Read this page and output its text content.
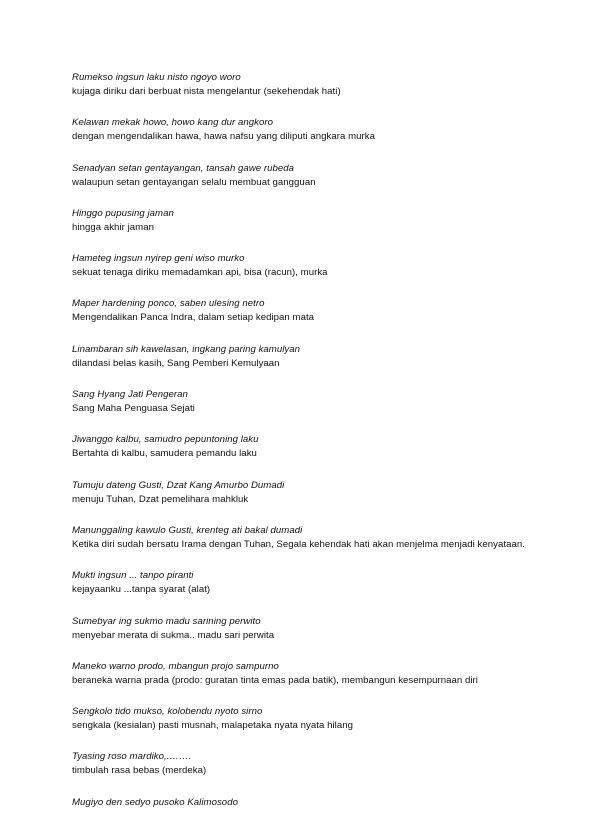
Rumekso ingsun laku nisto ngoyo woro
kujaga diriku dari berbuat nista mengelantur (sekehendak hati)
Kelawan mekak howo, howo kang dur angkoro
dengan mengendalikan hawa, hawa nafsu yang diliputi angkara murka
Senadyan setan gentayangan, tansah gawe rubeda
walaupun setan gentayangan selalu membuat gangguan
Hinggo pupusing jaman
hingga akhir jaman
Hameteg ingsun nyirep geni wiso murko
sekuat tenaga diriku memadamkan api, bisa (racun), murka
Maper hardening ponco, saben ulesing netro
Mengendalikan Panca Indra, dalam setiap kedipan mata
Linambaran sih kawelasan, ingkang paring kamulyan
dilandasi belas kasih, Sang Pemberi Kemulyaan
Sang Hyang Jati Pengeran
Sang Maha Penguasa Sejati
Jiwanggo kalbu, samudro pepuntoning laku
Bertahta di kalbu, samudera pemandu laku
Tumuju dateng Gusti, Dzat Kang Amurbo Dumadi
menuju Tuhan, Dzat pemelihara mahkluk
Manunggaling kawulo Gusti, krenteg ati bakal dumadi
Ketika diri sudah bersatu Irama dengan Tuhan, Segala kehendak hati akan menjelma menjadi kenyataan.
Mukti ingsun ... tanpo piranti
kejayaanku ...tanpa syarat (alat)
Sumebyar ing sukmo madu sarining perwito
menyebar merata di sukma.. madu sari perwita
Maneko warno prodo, mbangun projo sampurno
beraneka warna prada (prodo: guratan tinta emas pada batik), membangun kesempurnaan diri
Sengkolo tido mukso, kolobendu nyoto sirno
sengkala (kesialan) pasti musnah, malapetaka nyata nyata hilang
Tyasing roso mardiko,.…….
timbulah rasa bebas (merdeka)
Mugiyo den sedyo pusoko Kalimosodo
